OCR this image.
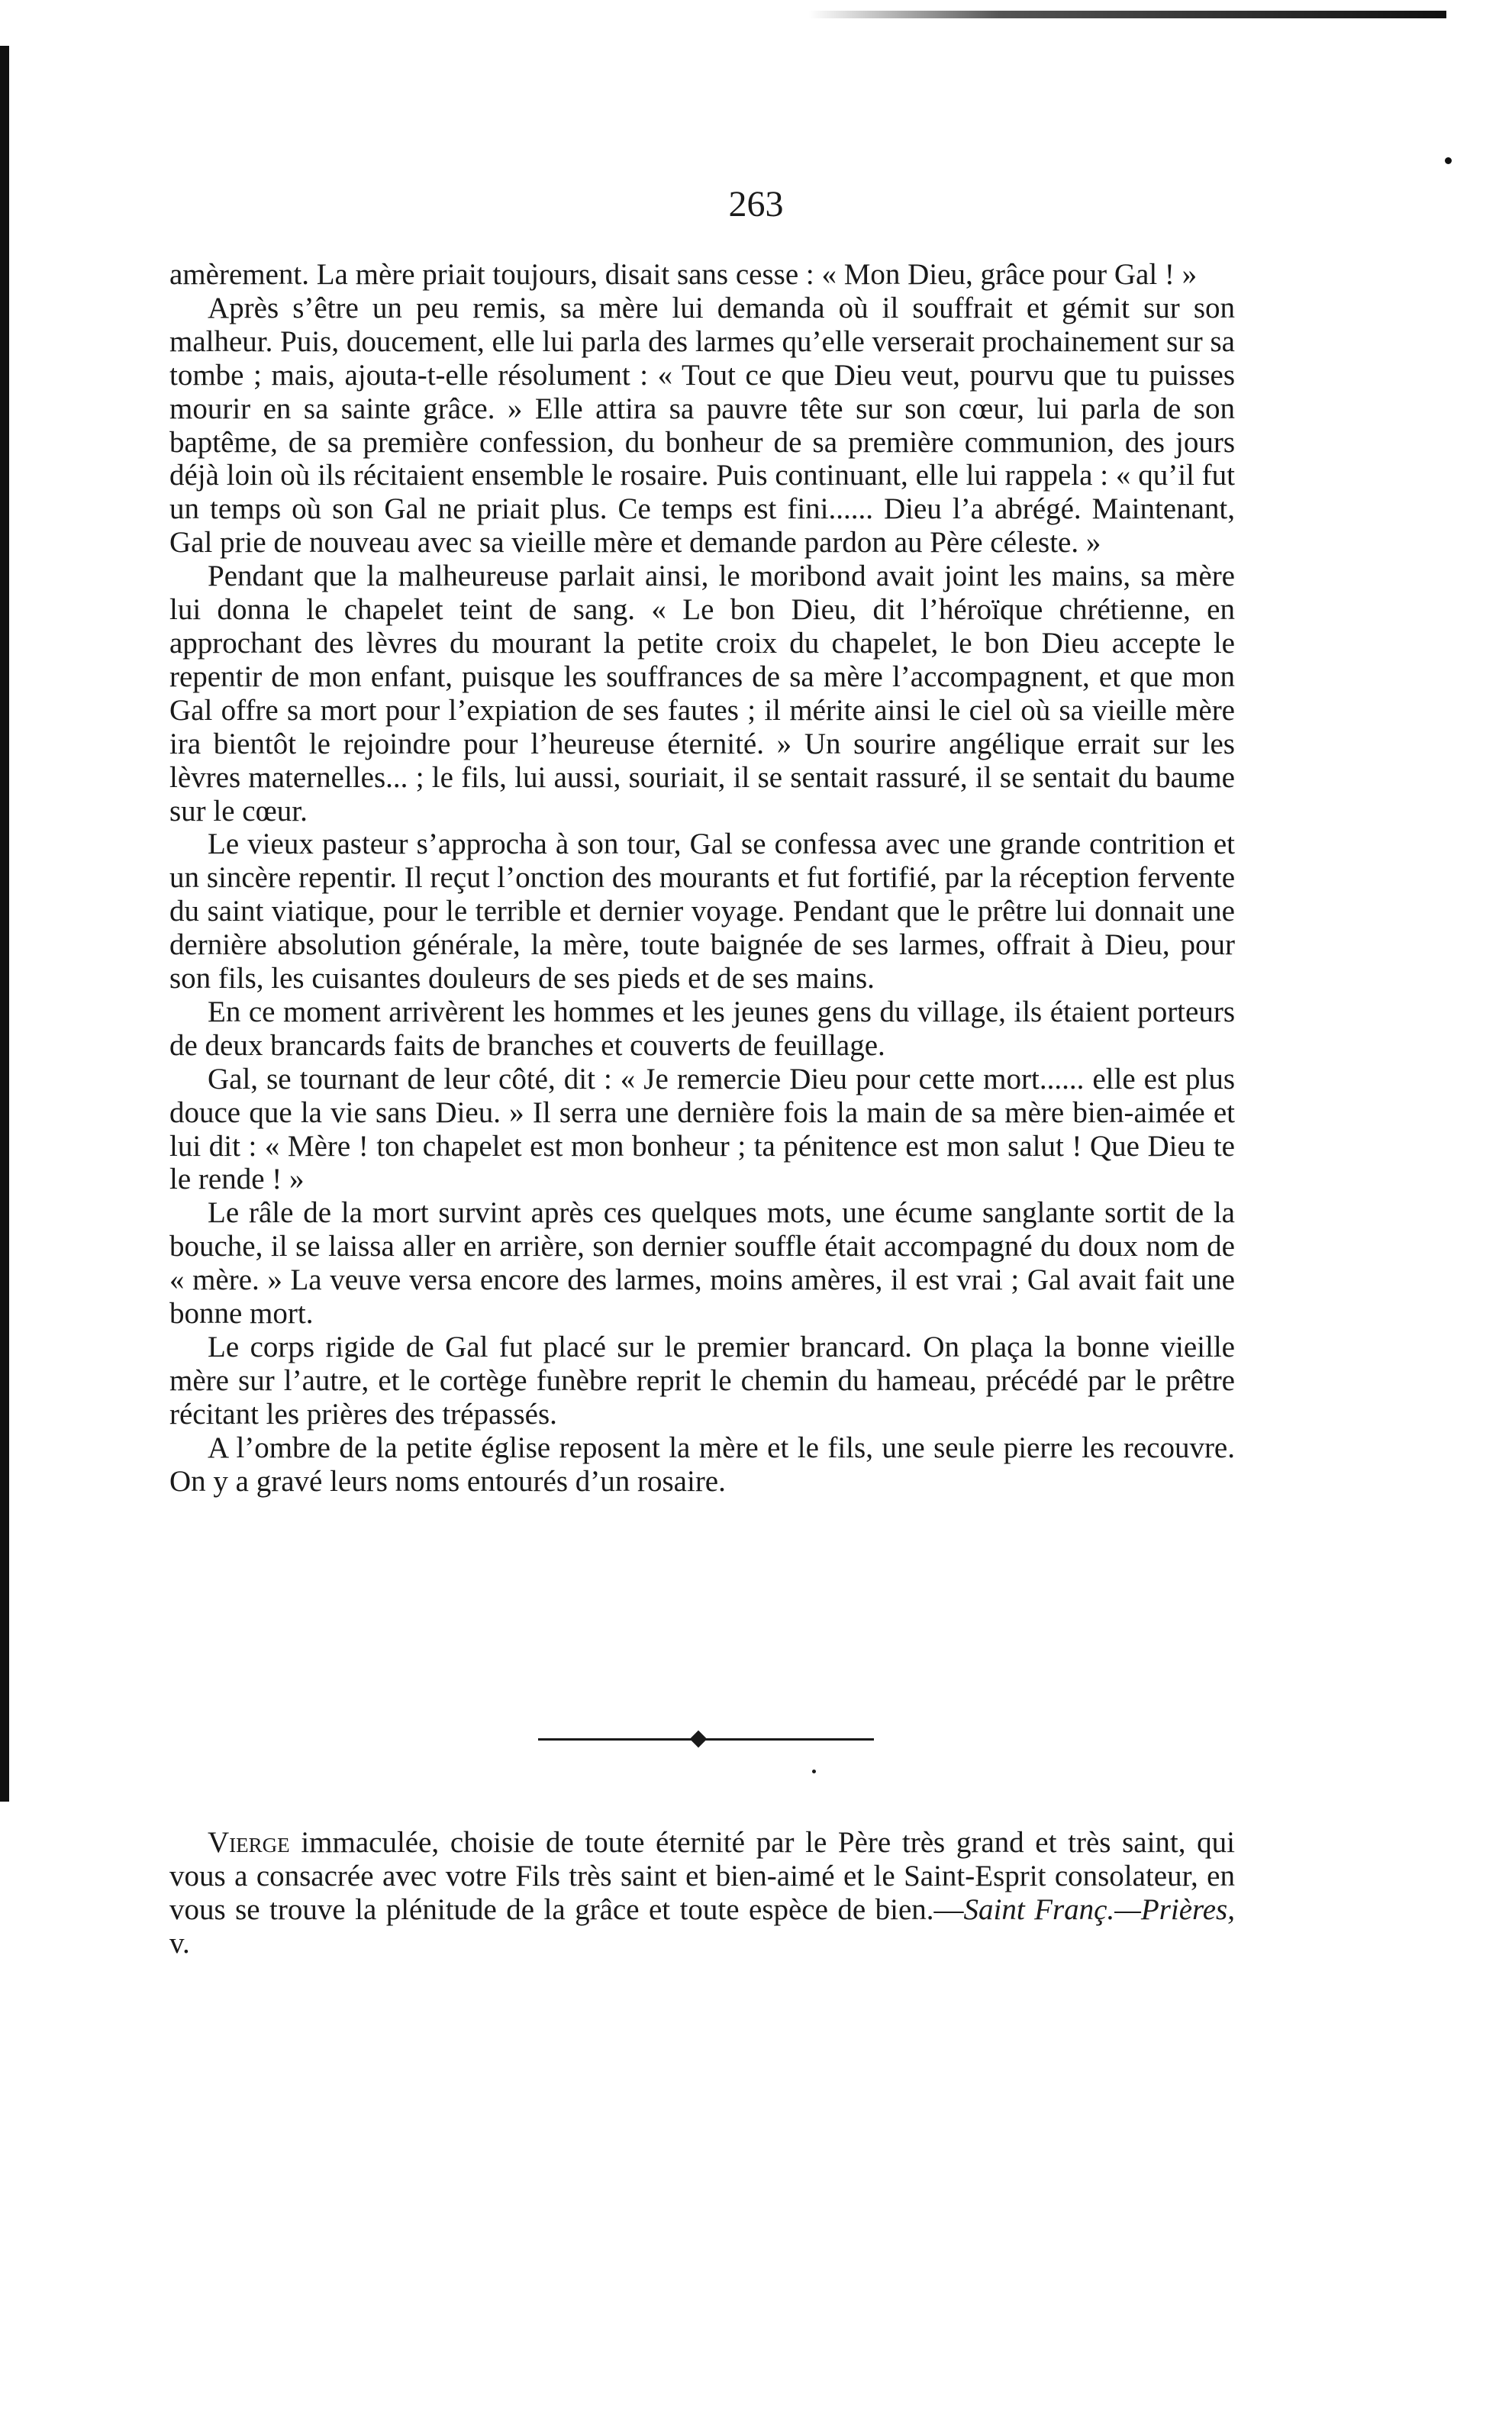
263

amèrement. La mère priait toujours, disait sans cesse : « Mon Dieu, grâce pour Gal ! »

Après s’être un peu remis, sa mère lui demanda où il souffrait et gémit sur son malheur. Puis, doucement, elle lui parla des larmes qu’elle verserait prochainement sur sa tombe ; mais, ajouta-t-elle résolument : « Tout ce que Dieu veut, pourvu que tu puisses mourir en sa sainte grâce. » Elle attira sa pauvre tête sur son cœur, lui parla de son baptême, de sa première confession, du bonheur de sa première communion, des jours déjà loin où ils récitaient ensemble le rosaire. Puis continuant, elle lui rappela : « qu’il fut un temps où son Gal ne priait plus. Ce temps est fini...... Dieu l’a abrégé. Maintenant, Gal prie de nouveau avec sa vieille mère et demande pardon au Père céleste. »

Pendant que la malheureuse parlait ainsi, le moribond avait joint les mains, sa mère lui donna le chapelet teint de sang. « Le bon Dieu, dit l’héroïque chrétienne, en approchant des lèvres du mourant la petite croix du chapelet, le bon Dieu accepte le repentir de mon enfant, puisque les souffrances de sa mère l’accompagnent, et que mon Gal offre sa mort pour l’expiation de ses fautes ; il mérite ainsi le ciel où sa vieille mère ira bientôt le rejoindre pour l’heureuse éternité. » Un sourire angélique errait sur les lèvres maternelles... ; le fils, lui aussi, souriait, il se sentait rassuré, il se sentait du baume sur le cœur.

Le vieux pasteur s’approcha à son tour, Gal se confessa avec une grande contrition et un sincère repentir. Il reçut l’onction des mourants et fut fortifié, par la réception fervente du saint viatique, pour le terrible et dernier voyage. Pendant que le prêtre lui donnait une dernière absolution générale, la mère, toute baignée de ses larmes, offrait à Dieu, pour son fils, les cuisantes douleurs de ses pieds et de ses mains.

En ce moment arrivèrent les hommes et les jeunes gens du village, ils étaient porteurs de deux brancards faits de branches et couverts de feuillage.

Gal, se tournant de leur côté, dit : « Je remercie Dieu pour cette mort...... elle est plus douce que la vie sans Dieu. » Il serra une dernière fois la main de sa mère bien-aimée et lui dit : « Mère ! ton chapelet est mon bonheur ; ta pénitence est mon salut ! Que Dieu te le rende ! »

Le râle de la mort survint après ces quelques mots, une écume sanglante sortit de la bouche, il se laissa aller en arrière, son dernier souffle était accompagné du doux nom de « mère. » La veuve versa encore des larmes, moins amères, il est vrai ; Gal avait fait une bonne mort.

Le corps rigide de Gal fut placé sur le premier brancard. On plaça la bonne vieille mère sur l’autre, et le cortège funèbre reprit le chemin du hameau, précédé par le prêtre récitant les prières des trépassés.

A l’ombre de la petite église reposent la mère et le fils, une seule pierre les recouvre. On y a gravé leurs noms entourés d’un rosaire.

Vierge immaculée, choisie de toute éternité par le Père très grand et très saint, qui vous a consacrée avec votre Fils très saint et bien-aimé et le Saint-Esprit consolateur, en vous se trouve la plénitude de la grâce et toute espèce de bien.—Saint Franç.—Prières, v.
